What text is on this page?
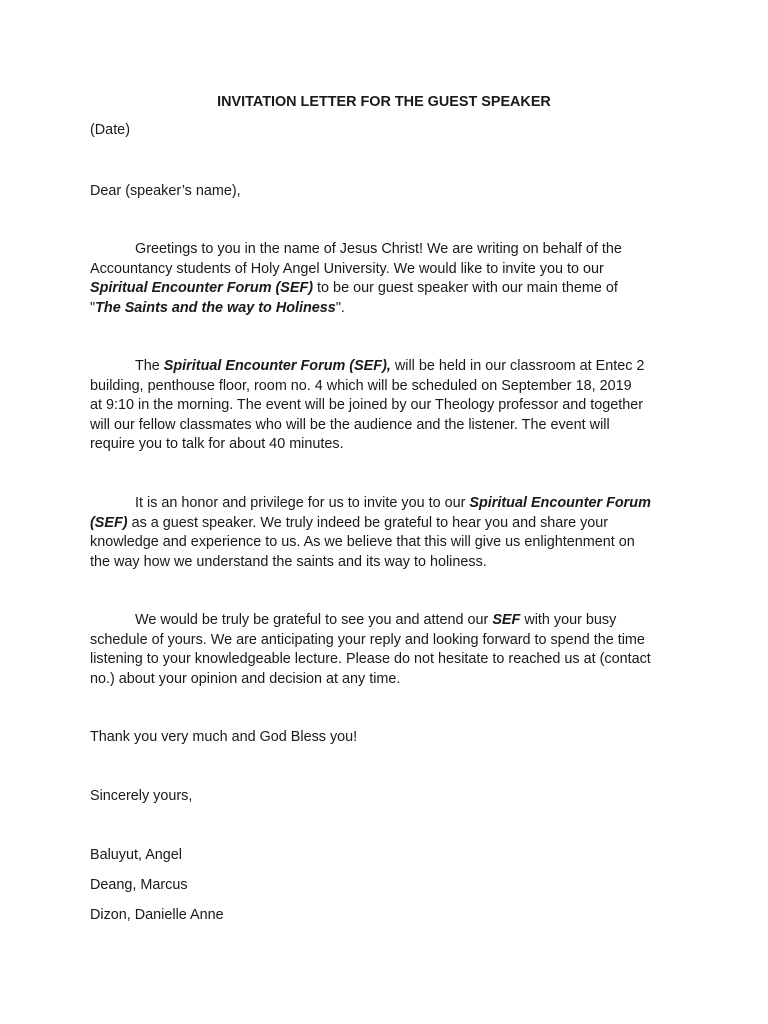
INVITATION LETTER FOR THE GUEST SPEAKER
(Date)
Dear (speaker’s name),
Greetings to you in the name of Jesus Christ! We are writing on behalf of the
Accountancy students of Holy Angel University. We would like to invite you to our
Spiritual Encounter Forum (SEF) to be our guest speaker with our main theme of
"The Saints and the way to Holiness".
The Spiritual Encounter Forum (SEF), will be held in our classroom at Entec 2
building, penthouse floor, room no. 4 which will be scheduled on September 18, 2019
at 9:10 in the morning. The event will be joined by our Theology professor and together
will our fellow classmates who will be the audience and the listener. The event will
require you to talk for about 40 minutes.
It is an honor and privilege for us to invite you to our Spiritual Encounter Forum
(SEF) as a guest speaker. We truly indeed be grateful to hear you and share your
knowledge and experience to us. As we believe that this will give us enlightenment on
the way how we understand the saints and its way to holiness.
We would be truly be grateful to see you and attend our SEF with your busy
schedule of yours. We are anticipating your reply and looking forward to spend the time
listening to your knowledgeable lecture. Please do not hesitate to reached us at (contact
no.) about your opinion and decision at any time.
Thank you very much and God Bless you!
Sincerely yours,
Baluyut, Angel
Deang, Marcus
Dizon, Danielle Anne
